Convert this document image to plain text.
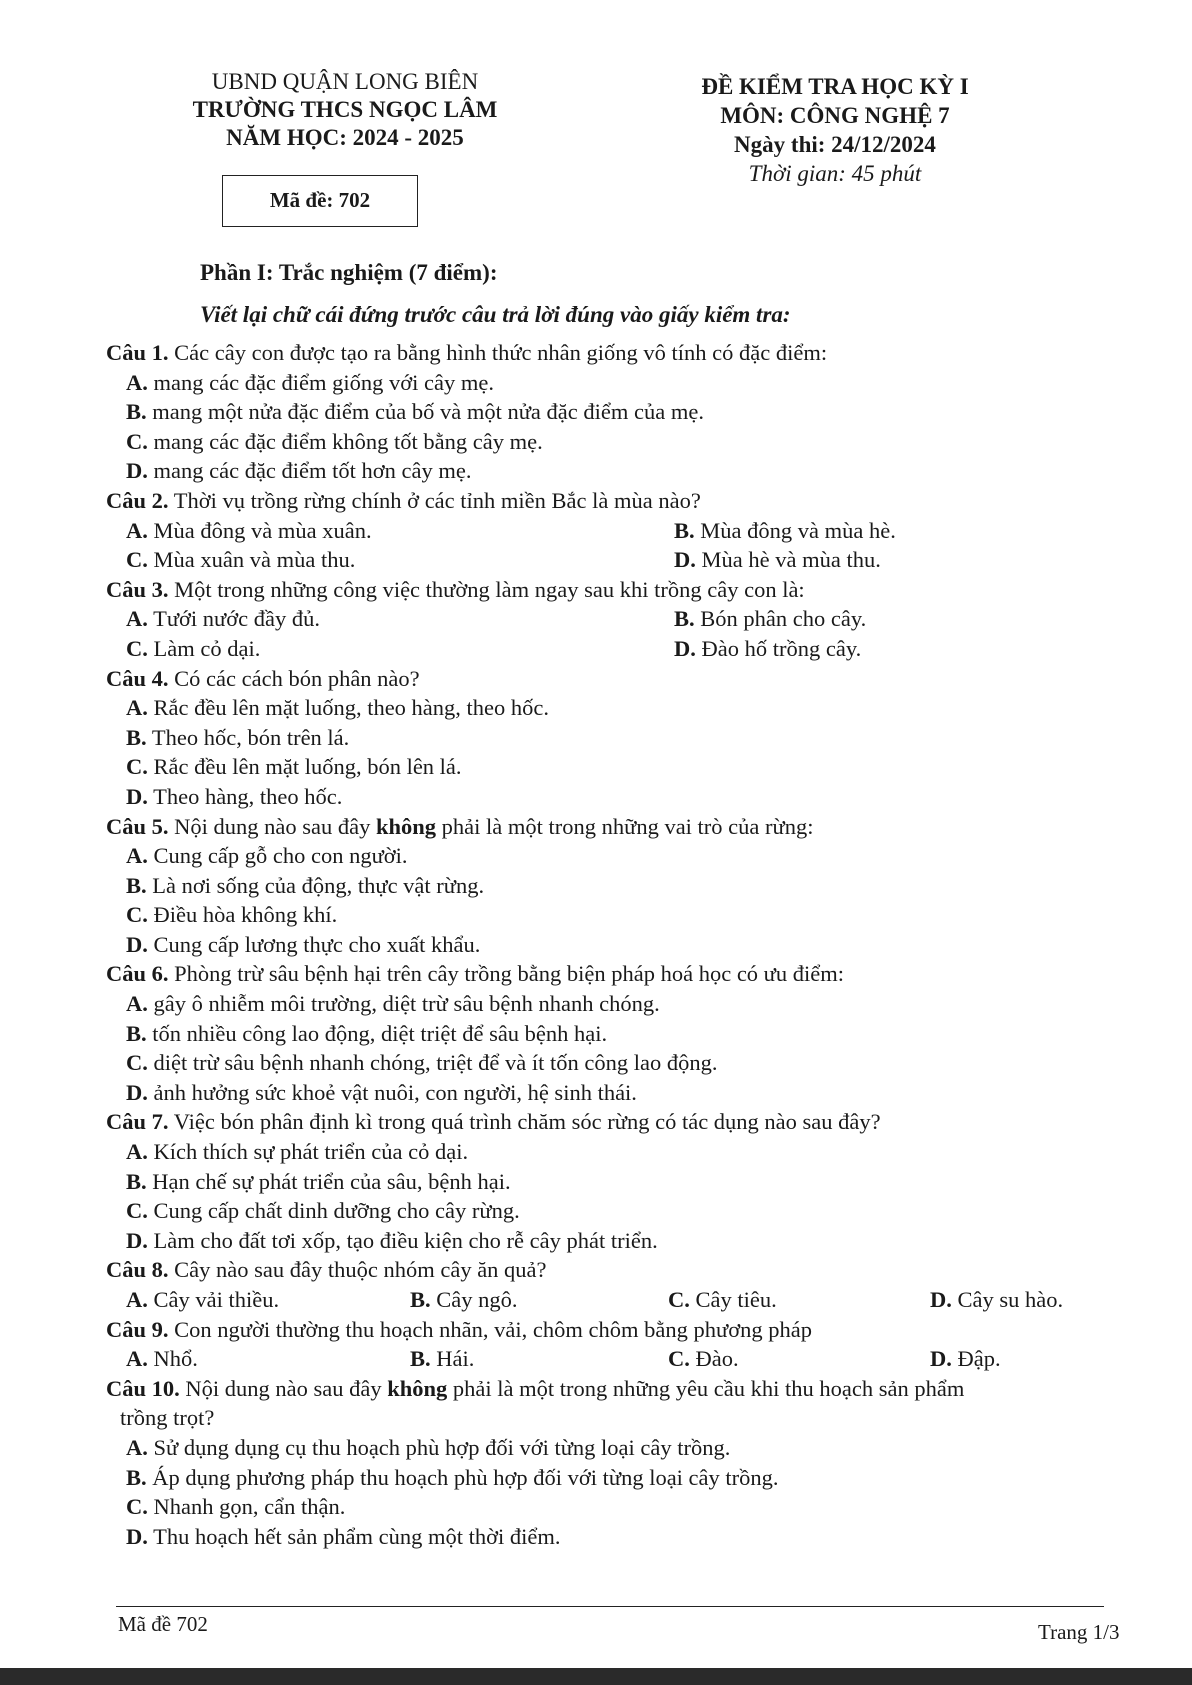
UBND QUẬN LONG BIÊN
TRƯỜNG THCS NGỌC LÂM
NĂM HỌC: 2024 - 2025
Mã đề: 702
ĐỀ KIỂM TRA HỌC KỲ I
MÔN: CÔNG NGHỆ 7
Ngày thi: 24/12/2024
Thời gian: 45 phút
Phần I: Trắc nghiệm (7 điểm):
Viết lại chữ cái đứng trước câu trả lời đúng vào giấy kiểm tra:
Câu 1. Các cây con được tạo ra bằng hình thức nhân giống vô tính có đặc điểm:
A. mang các đặc điểm giống với cây mẹ.
B. mang một nửa đặc điểm của bố và một nửa đặc điểm của mẹ.
C. mang các đặc điểm không tốt bằng cây mẹ.
D. mang các đặc điểm tốt hơn cây mẹ.
Câu 2. Thời vụ trồng rừng chính ở các tỉnh miền Bắc là mùa nào?
A. Mùa đông và mùa xuân.	B. Mùa đông và mùa hè.
C. Mùa xuân và mùa thu.	D. Mùa hè và mùa thu.
Câu 3. Một trong những công việc thường làm ngay sau khi trồng cây con là:
A. Tưới nước đầy đủ.	B. Bón phân cho cây.
C. Làm cỏ dại.	D. Đào hố trồng cây.
Câu 4. Có các cách bón phân nào?
A. Rắc đều lên mặt luống, theo hàng, theo hốc.
B. Theo hốc, bón trên lá.
C. Rắc đều lên mặt luống, bón lên lá.
D. Theo hàng, theo hốc.
Câu 5. Nội dung nào sau đây không phải là một trong những vai trò của rừng:
A. Cung cấp gỗ cho con người.
B. Là nơi sống của động, thực vật rừng.
C. Điều hòa không khí.
D. Cung cấp lương thực cho xuất khẩu.
Câu 6. Phòng trừ sâu bệnh hại trên cây trồng bằng biện pháp hoá học có ưu điểm:
A. gây ô nhiễm môi trường, diệt trừ sâu bệnh nhanh chóng.
B. tốn nhiều công lao động, diệt triệt để sâu bệnh hại.
C. diệt trừ sâu bệnh nhanh chóng, triệt để và ít tốn công lao động.
D. ảnh hưởng sức khoẻ vật nuôi, con người, hệ sinh thái.
Câu 7. Việc bón phân định kì trong quá trình chăm sóc rừng có tác dụng nào sau đây?
A. Kích thích sự phát triển của cỏ dại.
B. Hạn chế sự phát triển của sâu, bệnh hại.
C. Cung cấp chất dinh dưỡng cho cây rừng.
D. Làm cho đất tơi xốp, tạo điều kiện cho rễ cây phát triển.
Câu 8. Cây nào sau đây thuộc nhóm cây ăn quả?
A. Cây vải thiều.	B. Cây ngô.	C. Cây tiêu.	D. Cây su hào.
Câu 9. Con người thường thu hoạch nhãn, vải, chôm chôm bằng phương pháp
A. Nhổ.	B. Hái.	C. Đào.	D. Đập.
Câu 10. Nội dung nào sau đây không phải là một trong những yêu cầu khi thu hoạch sản phẩm
trồng trọt?
A. Sử dụng dụng cụ thu hoạch phù hợp đối với từng loại cây trồng.
B. Áp dụng phương pháp thu hoạch phù hợp đối với từng loại cây trồng.
C. Nhanh gọn, cẩn thận.
D. Thu hoạch hết sản phẩm cùng một thời điểm.
Mã đề 702	Trang 1/3
